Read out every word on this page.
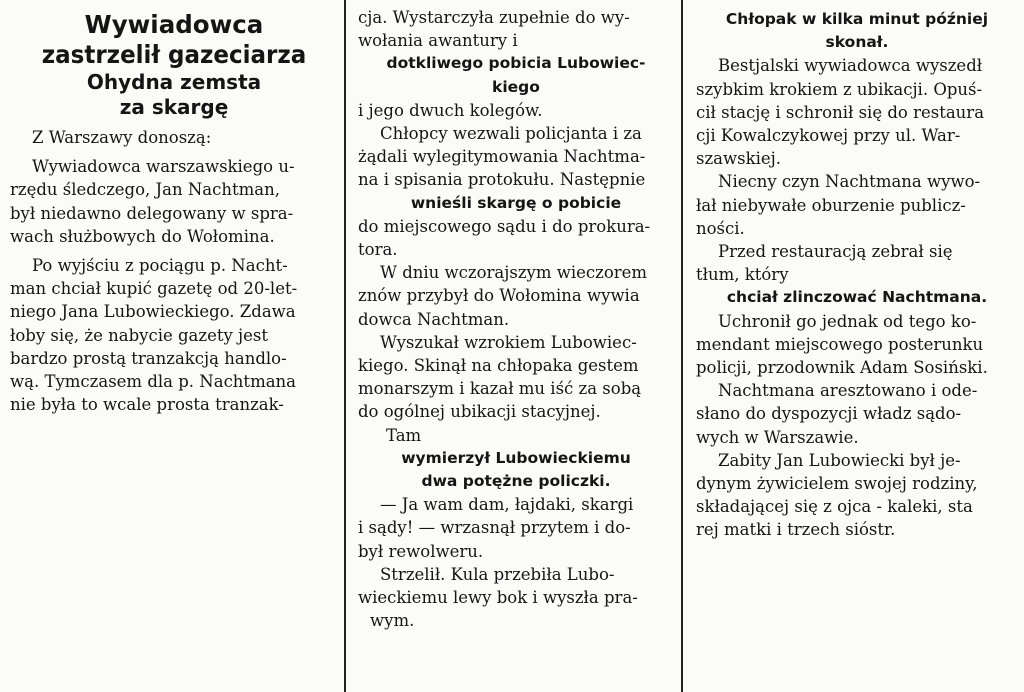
Wywiadowca
zastrzelił gazeciarza
Ohydna zemsta
za skargę

Z Warszawy donoszą:

Wywiadowca warszawskiego u-
rzędu śledczego, Jan Nachtman,
był niedawno delegowany w spra-
wach służbowych do Wołomina.

Po wyjściu z pociągu p. Nacht-
man chciał kupić gazetę od 20-let-
niego Jana Lubowieckiego. Zdawa
łoby się, że nabycie gazety jest
bardzo prostą tranzakcją handlo-
wą. Tymczasem dla p. Nachtmana
nie była to wcale prosta tranzak-

cja. Wystarczyła zupełnie do wy-
wołania awantury i

dotkliwego pobicia Lubowiec-
kiego

i jego dwuch kolegów.

Chłopcy wezwali policjanta i za
żądali wylegitymowania Nachtma-
na i spisania protokułu. Następnie

wnieśli skargę o pobicie

do miejscowego sądu i do prokura-
tora.

W dniu wczorajszym wieczorem
znów przybył do Wołomina wywia
dowca Nachtman.

Wyszukał wzrokiem Lubowiec-
kiego. Skinął na chłopaka gestem
monarszym i kazał mu iść za sobą
do ogólnej ubikacji stacyjnej.

Tam

wymierzył Lubowieckiemu
dwa potężne policzki.

— Ja wam dam, łajdaki, skargi
i sądy! — wrzasnął przytem i do-
był rewolweru.

Strzelił. Kula przebiła Lubo-
wieckiemu lewy bok i wyszła pra-
wym.

Chłopak w kilka minut później
skonał.

Bestjalski wywiadowca wyszedł
szybkim krokiem z ubikacji. Opuś-
cił stację i schronił się do restaura
cji Kowalczykowej przy ul. War-
szawskiej.

Niecny czyn Nachtmana wywo-
łał niebywałe oburzenie publicz-
ności.

Przed restauracją zebrał się
tłum, który

chciał zlinczować Nachtmana.

Uchronił go jednak od tego ko-
mendant miejscowego posterunku
policji, przodownik Adam Sosiński.

Nachtmana aresztowano i ode-
słano do dyspozycji władz sądo-
wych w Warszawie.

Zabity Jan Lubowiecki był je-
dynym żywicielem swojej rodziny,
składającej się z ojca - kaleki, sta
rej matki i trzech sióstr.
